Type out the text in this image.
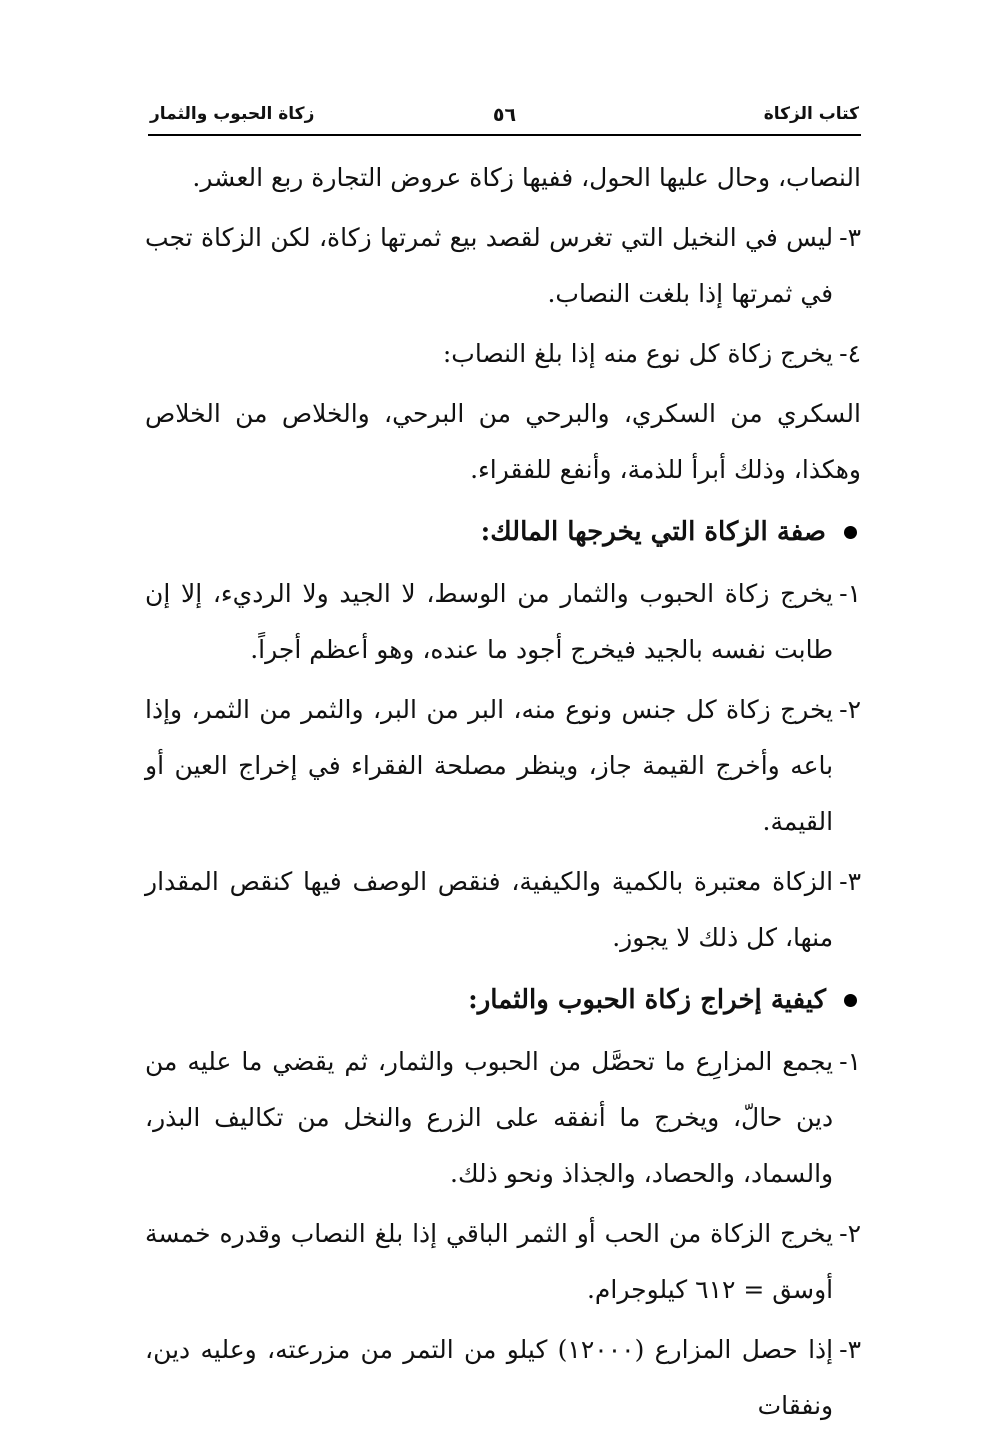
كتاب الزكاة
٥٦
زكاة الحبوب والثمار

النصاب، وحال عليها الحول، ففيها زكاة عروض التجارة ربع العشر.

٣-
ليس في النخيل التي تغرس لقصد بيع ثمرتها زكاة، لكن الزكاة تجب في ثمرتها إذا بلغت النصاب.
٤-
يخرج زكاة كل نوع منه إذا بلغ النصاب:

السكري من السكري، والبرحي من البرحي، والخلاص من الخلاص وهكذا، وذلك أبرأ للذمة، وأنفع للفقراء.

صفة الزكاة التي يخرجها المالك:
١-
يخرج زكاة الحبوب والثمار من الوسط، لا الجيد ولا الرديء، إلا إن طابت نفسه بالجيد فيخرج أجود ما عنده، وهو أعظم أجراً.
٢-
يخرج زكاة كل جنس ونوع منه، البر من البر، والثمر من الثمر، وإذا باعه وأخرج القيمة جاز، وينظر مصلحة الفقراء في إخراج العين أو القيمة.
٣-
الزكاة معتبرة بالكمية والكيفية، فنقص الوصف فيها كنقص المقدار منها، كل ذلك لا يجوز.
كيفية إخراج زكاة الحبوب والثمار:
١-
يجمع المزارِع ما تحصَّل من الحبوب والثمار، ثم يقضي ما عليه من دين حالّ، ويخرج ما أنفقه على الزرع والنخل من تكاليف البذر، والسماد، والحصاد، والجذاذ ونحو ذلك.
٢-
يخرج الزكاة من الحب أو الثمر الباقي إذا بلغ النصاب وقدره خمسة أوسق = ٦١٢ كيلوجرام.
٣-
إذا حصل المزارع (١٢٠٠٠) كيلو من التمر من مزرعته، وعليه دين، ونفقات
